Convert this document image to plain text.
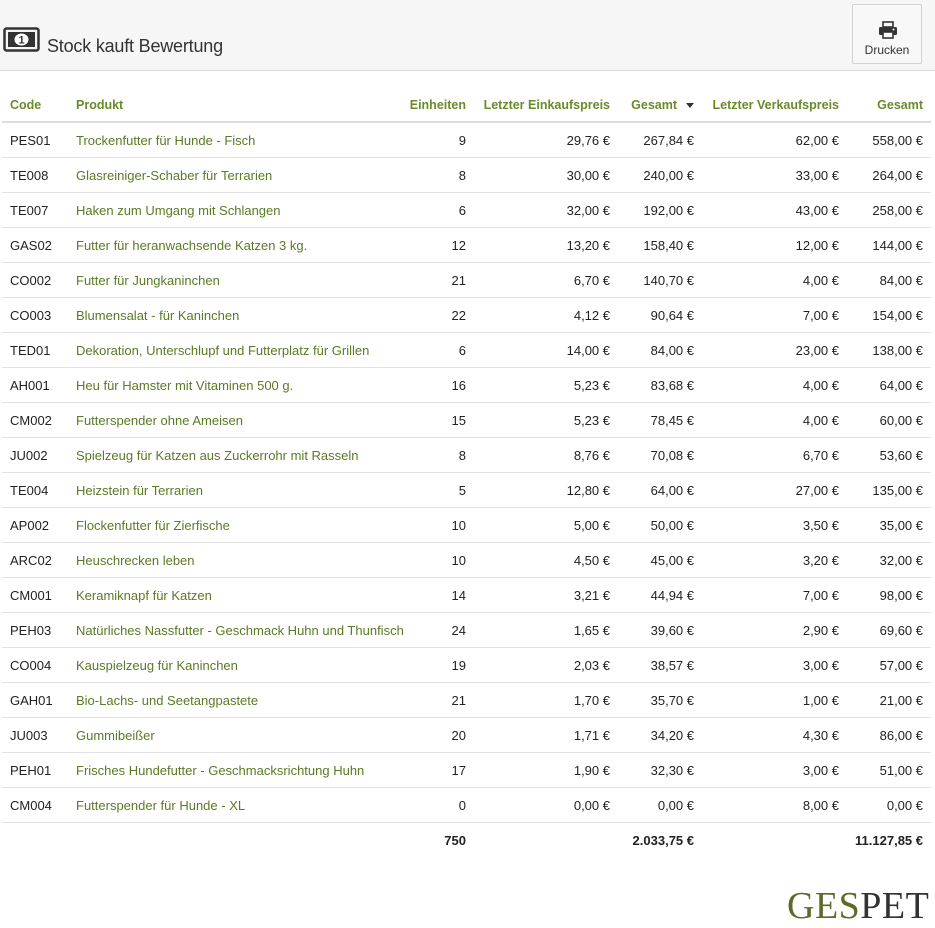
1 Stock kauft Bewertung	Drucken
Code	Produkt	Einheiten	Letzter Einkaufspreis	Gesamt	Letzter Verkaufspreis	Gesamt
PES01	Trockenfutter für Hunde - Fisch	9	29,76 €	267,84 €	62,00 €	558,00 €
TE008	Glasreiniger-Schaber für Terrarien	8	30,00 €	240,00 €	33,00 €	264,00 €
TE007	Haken zum Umgang mit Schlangen	6	32,00 €	192,00 €	43,00 €	258,00 €
GAS02	Futter für heranwachsende Katzen 3 kg.	12	13,20 €	158,40 €	12,00 €	144,00 €
CO002	Futter für Jungkaninchen	21	6,70 €	140,70 €	4,00 €	84,00 €
CO003	Blumensalat - für Kaninchen	22	4,12 €	90,64 €	7,00 €	154,00 €
TED01	Dekoration, Unterschlupf und Futterplatz für Grillen	6	14,00 €	84,00 €	23,00 €	138,00 €
AH001	Heu für Hamster mit Vitaminen 500 g.	16	5,23 €	83,68 €	4,00 €	64,00 €
CM002	Futterspender ohne Ameisen	15	5,23 €	78,45 €	4,00 €	60,00 €
JU002	Spielzeug für Katzen aus Zuckerrohr mit Rasseln	8	8,76 €	70,08 €	6,70 €	53,60 €
TE004	Heizstein für Terrarien	5	12,80 €	64,00 €	27,00 €	135,00 €
AP002	Flockenfutter für Zierfische	10	5,00 €	50,00 €	3,50 €	35,00 €
ARC02	Heuschrecken leben	10	4,50 €	45,00 €	3,20 €	32,00 €
CM001	Keramiknapf für Katzen	14	3,21 €	44,94 €	7,00 €	98,00 €
PEH03	Natürliches Nassfutter - Geschmack Huhn und Thunfisch	24	1,65 €	39,60 €	2,90 €	69,60 €
CO004	Kauspielzeug für Kaninchen	19	2,03 €	38,57 €	3,00 €	57,00 €
GAH01	Bio-Lachs- und Seetangpastete	21	1,70 €	35,70 €	1,00 €	21,00 €
JU003	Gummibeißer	20	1,71 €	34,20 €	4,30 €	86,00 €
PEH01	Frisches Hundefutter - Geschmacksrichtung Huhn	17	1,90 €	32,30 €	3,00 €	51,00 €
CM004	Futterspender für Hunde - XL	0	0,00 €	0,00 €	8,00 €	0,00 €
		750		2.033,75 €		11.127,85 €
GESPET
